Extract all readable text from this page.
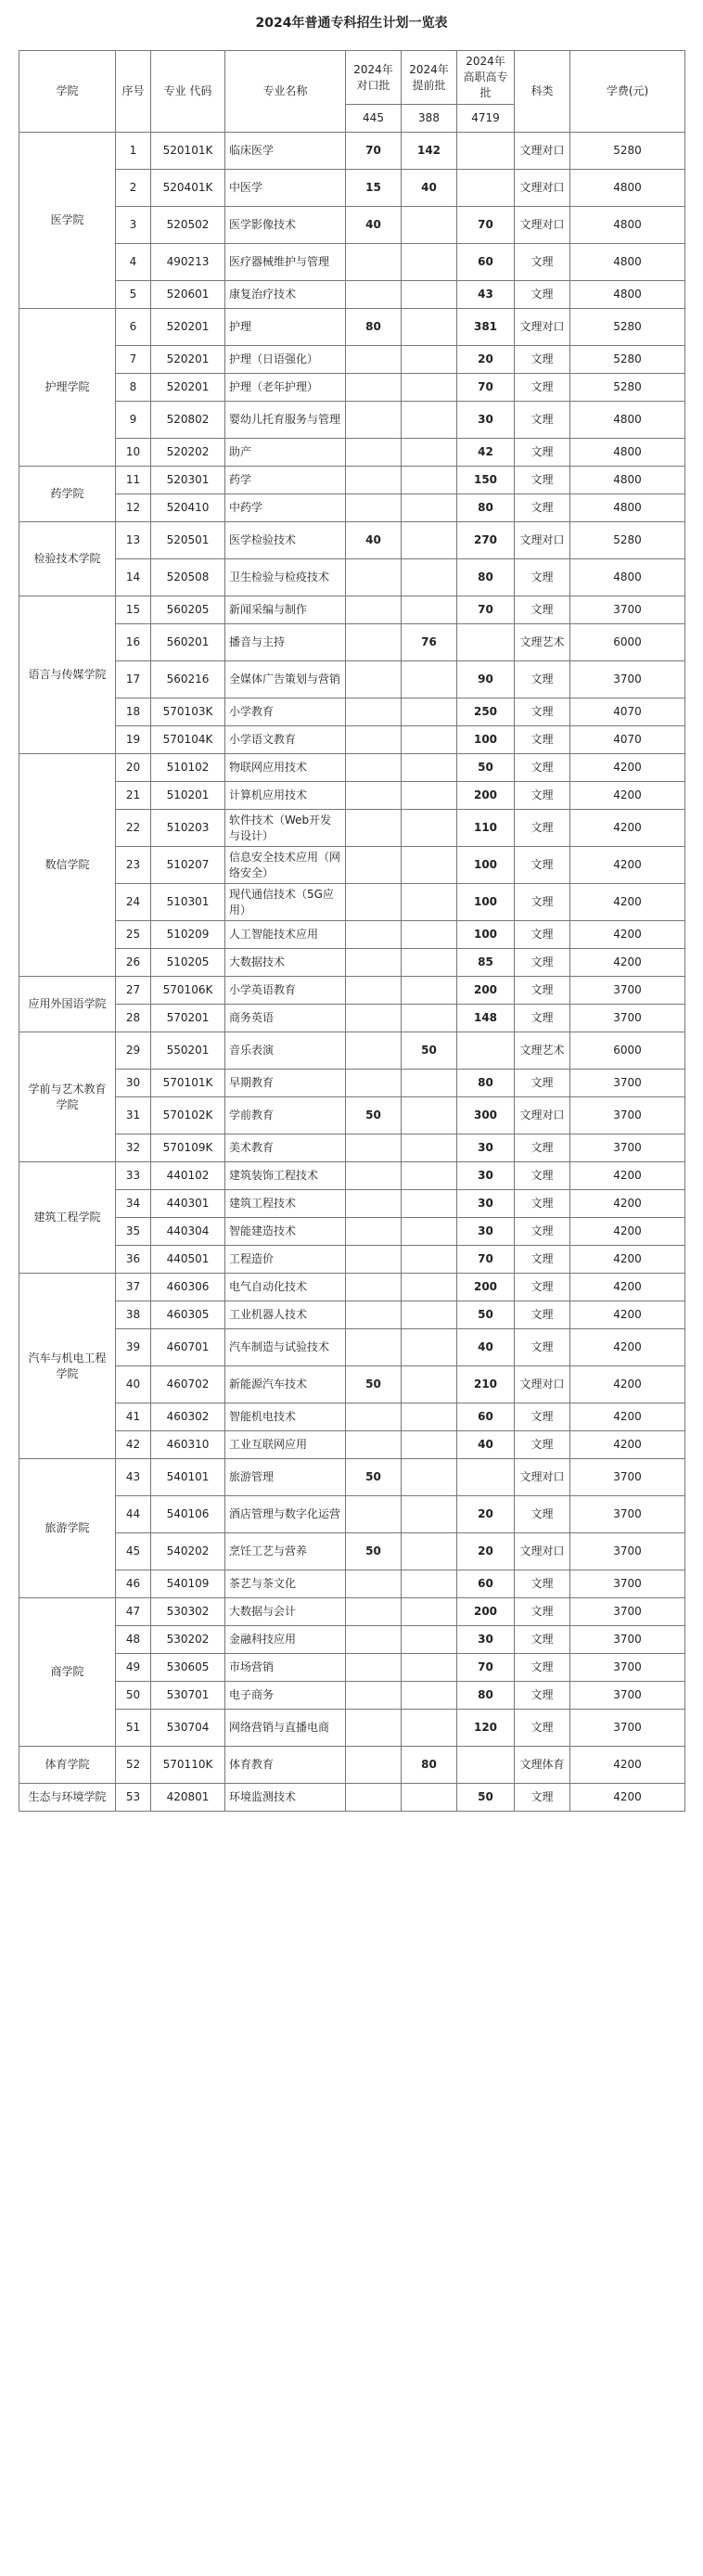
2024年普通专科招生计划一览表
学院	序号	专业 代码	专业名称	2024年对口批	2024年提前批	2024年高职高专批	科类	学费(元)
				445	388	4719		
医学院	1	520101K	临床医学	70	142		文理对口	5280
	2	520401K	中医学	15	40		文理对口	4800
	3	520502	医学影像技术	40		70	文理对口	4800
	4	490213	医疗器械维护与管理			60	文理	4800
	5	520601	康复治疗技术			43	文理	4800
护理学院	6	520201	护理	80		381	文理对口	5280
	7	520201	护理（日语强化）			20	文理	5280
	8	520201	护理（老年护理）			70	文理	5280
	9	520802	婴幼儿托育服务与管理			30	文理	4800
	10	520202	助产			42	文理	4800
药学院	11	520301	药学			150	文理	4800
	12	520410	中药学			80	文理	4800
检验技术学院	13	520501	医学检验技术	40		270	文理对口	5280
	14	520508	卫生检验与检疫技术			80	文理	4800
语言与传媒学院	15	560205	新闻采编与制作			70	文理	3700
	16	560201	播音与主持		76		文理艺术	6000
	17	560216	全媒体广告策划与营销			90	文理	3700
	18	570103K	小学教育			250	文理	4070
	19	570104K	小学语文教育			100	文理	4070
数信学院	20	510102	物联网应用技术			50	文理	4200
	21	510201	计算机应用技术			200	文理	4200
	22	510203	软件技术（Web开发与设计）			110	文理	4200
	23	510207	信息安全技术应用（网络安全）			100	文理	4200
	24	510301	现代通信技术（5G应用）			100	文理	4200
	25	510209	人工智能技术应用			100	文理	4200
	26	510205	大数据技术			85	文理	4200
应用外国语学院	27	570106K	小学英语教育			200	文理	3700
	28	570201	商务英语			148	文理	3700
学前与艺术教育学院	29	550201	音乐表演		50		文理艺术	6000
	30	570101K	早期教育			80	文理	3700
	31	570102K	学前教育	50		300	文理对口	3700
	32	570109K	美术教育			30	文理	3700
建筑工程学院	33	440102	建筑装饰工程技术			30	文理	4200
	34	440301	建筑工程技术			30	文理	4200
	35	440304	智能建造技术			30	文理	4200
	36	440501	工程造价			70	文理	4200
汽车与机电工程学院	37	460306	电气自动化技术			200	文理	4200
	38	460305	工业机器人技术			50	文理	4200
	39	460701	汽车制造与试验技术			40	文理	4200
	40	460702	新能源汽车技术	50		210	文理对口	4200
	41	460302	智能机电技术			60	文理	4200
	42	460310	工业互联网应用			40	文理	4200
旅游学院	43	540101	旅游管理	50			文理对口	3700
	44	540106	酒店管理与数字化运营			20	文理	3700
	45	540202	烹饪工艺与营养	50		20	文理对口	3700
	46	540109	茶艺与茶文化			60	文理	3700
商学院	47	530302	大数据与会计			200	文理	3700
	48	530202	金融科技应用			30	文理	3700
	49	530605	市场营销			70	文理	3700
	50	530701	电子商务			80	文理	3700
	51	530704	网络营销与直播电商			120	文理	3700
体育学院	52	570110K	体育教育		80		文理体育	4200
生态与环境学院	53	420801	环境监测技术			50	文理	4200
